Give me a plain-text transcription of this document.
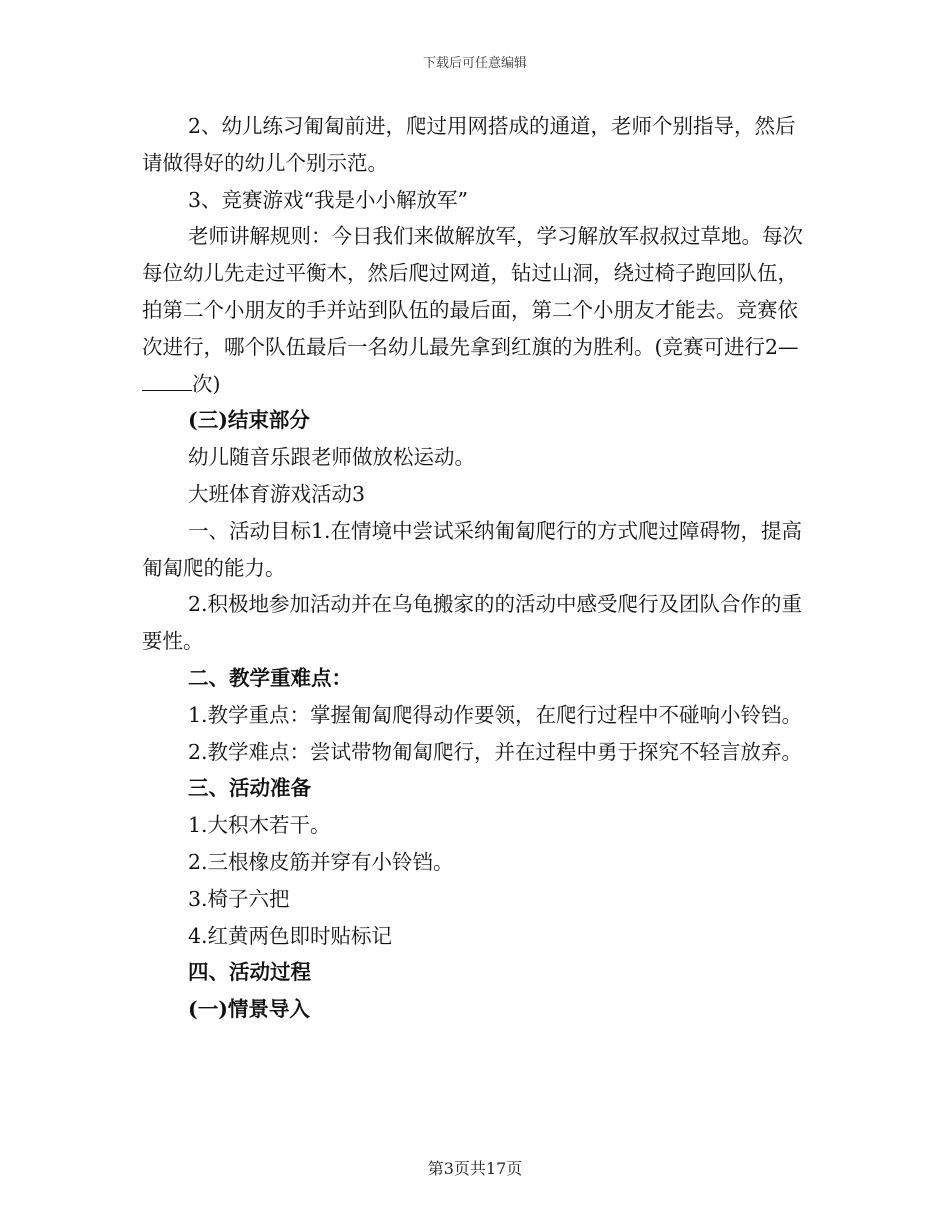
下载后可任意编辑

2、幼儿练习匍匐前进，爬过用网搭成的通道，老师个别指导，然后请做得好的幼儿个别示范。

3、竞赛游戏“我是小小解放军”

老师讲解规则：今日我们来做解放军，学习解放军叔叔过草地。每次每位幼儿先走过平衡木，然后爬过网道，钻过山洞，绕过椅子跑回队伍，拍第二个小朋友的手并站到队伍的最后面，第二个小朋友才能去。竞赛依次进行，哪个队伍最后一名幼儿最先拿到红旗的为胜利。(竞赛可进行2—次)

(三)结束部分

幼儿随音乐跟老师做放松运动。

大班体育游戏活动3

一、活动目标1.在情境中尝试采纳匍匐爬行的方式爬过障碍物，提高匍匐爬的能力。

2.积极地参加活动并在乌龟搬家的的活动中感受爬行及团队合作的重要性。

二、教学重难点：

1.教学重点：掌握匍匐爬得动作要领，在爬行过程中不碰响小铃铛。

2.教学难点：尝试带物匍匐爬行，并在过程中勇于探究不轻言放弃。

三、活动准备

1.大积木若干。

2.三根橡皮筋并穿有小铃铛。

3.椅子六把

4.红黄两色即时贴标记

四、活动过程

(一)情景导入

第3页共17页
